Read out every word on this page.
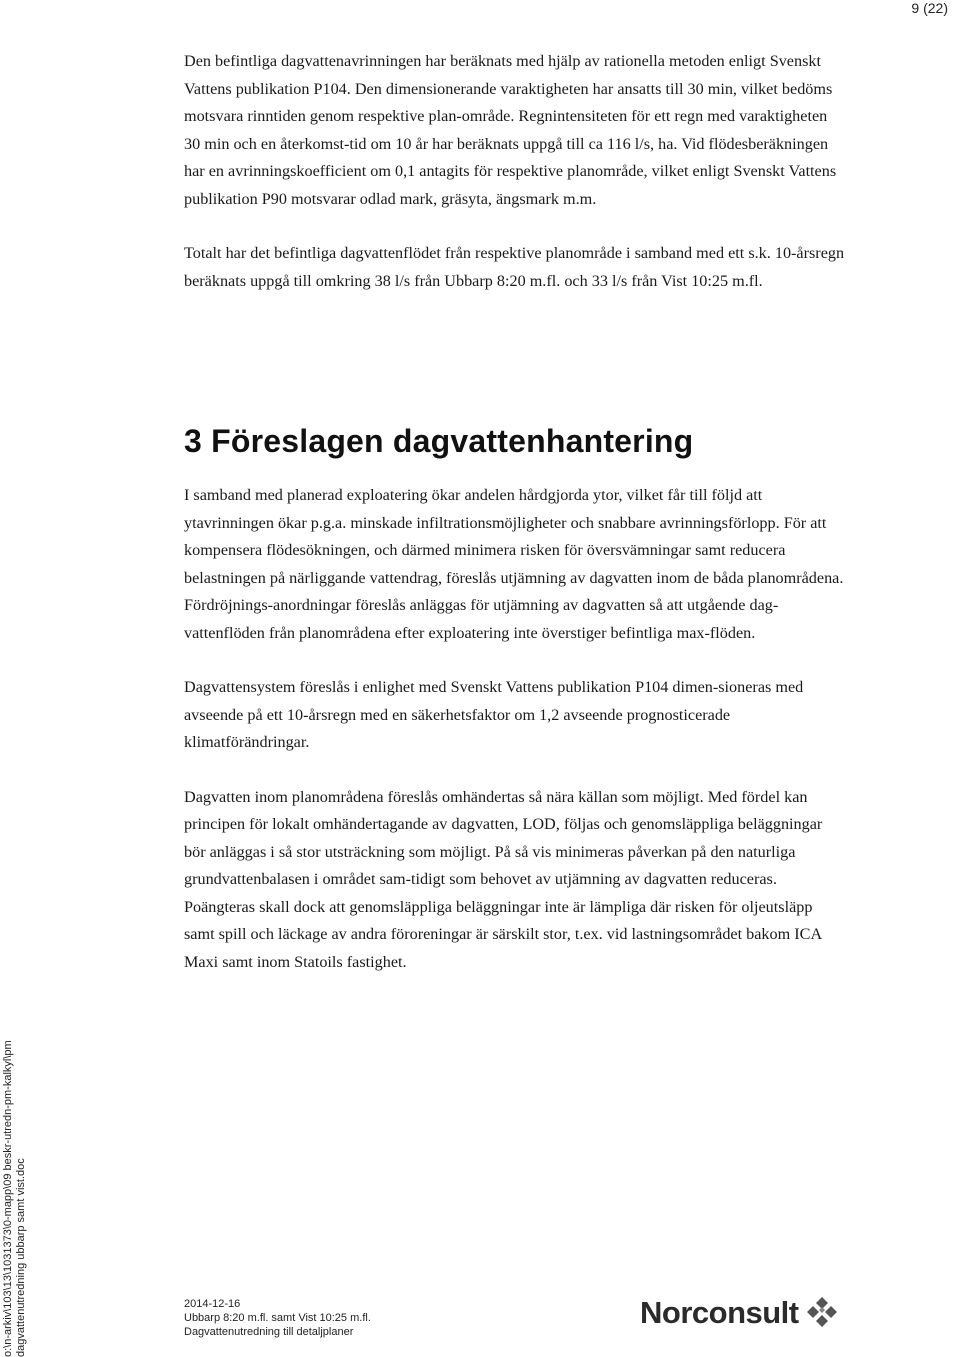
9 (22)

Den befintliga dagvattenavrinningen har beräknats med hjälp av rationella metoden enligt Svenskt Vattens publikation P104. Den dimensionerande varaktigheten har ansatts till 30 min, vilket bedöms motsvara rinntiden genom respektive plan-område. Regnintensiteten för ett regn med varaktigheten 30 min och en återkomst-tid om 10 år har beräknats uppgå till ca 116 l/s, ha. Vid flödesberäkningen har en avrinningskoefficient om 0,1 antagits för respektive planområde, vilket enligt Svenskt Vattens publikation P90 motsvarar odlad mark, gräsyta, ängsmark m.m.

Totalt har det befintliga dagvattenflödet från respektive planområde i samband med ett s.k. 10-årsregn beräknats uppgå till omkring 38 l/s från Ubbarp 8:20 m.fl. och 33 l/s från Vist 10:25 m.fl.

3 Föreslagen dagvattenhantering

I samband med planerad exploatering ökar andelen hårdgjorda ytor, vilket får till följd att ytavrinningen ökar p.g.a. minskade infiltrationsmöjligheter och snabbare avrinningsförlopp. För att kompensera flödesökningen, och därmed minimera risken för översvämningar samt reducera belastningen på närliggande vattendrag, föreslås utjämning av dagvatten inom de båda planområdena. Fördröjnings-anordningar föreslås anläggas för utjämning av dagvatten så att utgående dag-vattenflöden från planområdena efter exploatering inte överstiger befintliga max-flöden.

Dagvattensystem föreslås i enlighet med Svenskt Vattens publikation P104 dimen-sioneras med avseende på ett 10-årsregn med en säkerhetsfaktor om 1,2 avseende prognosticerade klimatförändringar.

Dagvatten inom planområdena föreslås omhändertas så nära källan som möjligt. Med fördel kan principen för lokalt omhändertagande av dagvatten, LOD, följas och genomsläppliga beläggningar bör anläggas i så stor utsträckning som möjligt. På så vis minimeras påverkan på den naturliga grundvattenbalasen i området sam-tidigt som behovet av utjämning av dagvatten reduceras. Poängteras skall dock att genomsläppliga beläggningar inte är lämpliga där risken för oljeutsläpp samt spill och läckage av andra föroreningar är särskilt stor, t.ex. vid lastningsområdet bakom ICA Maxi samt inom Statoils fastighet.

o:\n-arkiv\103\13\1031373\0-mapp\09 beskr-utredn-pm-kalkyl\pm dagvattenutredning ubbarp samt vist.doc	2014-12-16
Ubbarp 8:20 m.fl. samt Vist 10:25 m.fl.
Dagvattenutredning till detaljplaner
Norconsult
